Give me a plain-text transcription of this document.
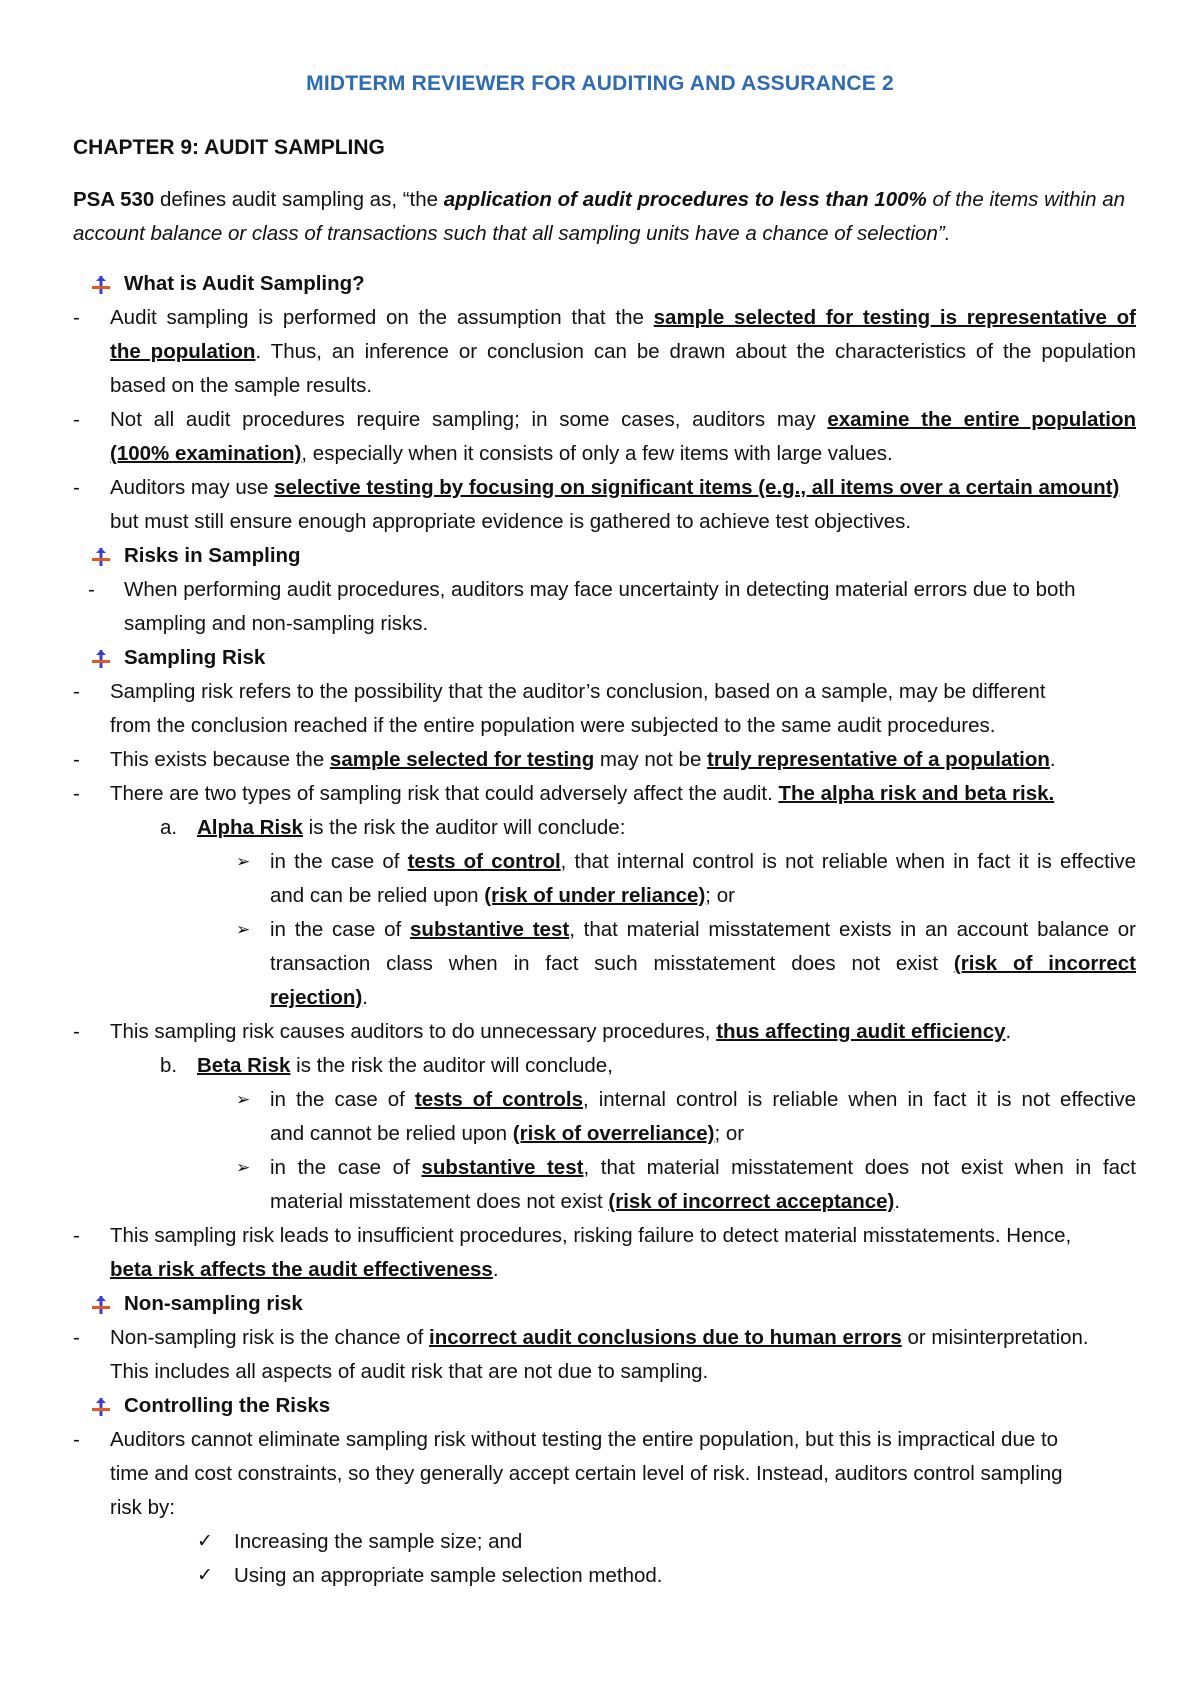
MIDTERM REVIEWER FOR AUDITING AND ASSURANCE 2
CHAPTER 9: AUDIT SAMPLING
PSA 530 defines audit sampling as, “the application of audit procedures to less than 100% of the items within an account balance or class of transactions such that all sampling units have a chance of selection”.
What is Audit Sampling?
- Audit sampling is performed on the assumption that the sample selected for testing is representative of
the population. Thus, an inference or conclusion can be drawn about the characteristics of the population
based on the sample results.
- Not all audit procedures require sampling; in some cases, auditors may examine the entire population
(100% examination), especially when it consists of only a few items with large values.
- Auditors may use selective testing by focusing on significant items (e.g., all items over a certain amount)
but must still ensure enough appropriate evidence is gathered to achieve test objectives.
Risks in Sampling
- When performing audit procedures, auditors may face uncertainty in detecting material errors due to both
sampling and non-sampling risks.
Sampling Risk
- Sampling risk refers to the possibility that the auditor’s conclusion, based on a sample, may be different
from the conclusion reached if the entire population were subjected to the same audit procedures.
- This exists because the sample selected for testing may not be truly representative of a population.
- There are two types of sampling risk that could adversely affect the audit. The alpha risk and beta risk.
a. Alpha Risk is the risk the auditor will conclude:
➢ in the case of tests of control, that internal control is not reliable when in fact it is effective
and can be relied upon (risk of under reliance); or
➢ in the case of substantive test, that material misstatement exists in an account balance or
transaction class when in fact such misstatement does not exist (risk of incorrect
rejection).
- This sampling risk causes auditors to do unnecessary procedures, thus affecting audit efficiency.
b. Beta Risk is the risk the auditor will conclude,
➢ in the case of tests of controls, internal control is reliable when in fact it is not effective
and cannot be relied upon (risk of overreliance); or
➢ in the case of substantive test, that material misstatement does not exist when in fact
material misstatement does not exist (risk of incorrect acceptance).
- This sampling risk leads to insufficient procedures, risking failure to detect material misstatements. Hence,
beta risk affects the audit effectiveness.
Non-sampling risk
- Non-sampling risk is the chance of incorrect audit conclusions due to human errors or misinterpretation.
This includes all aspects of audit risk that are not due to sampling.
Controlling the Risks
- Auditors cannot eliminate sampling risk without testing the entire population, but this is impractical due to
time and cost constraints, so they generally accept certain level of risk. Instead, auditors control sampling
risk by:
✓ Increasing the sample size; and
✓ Using an appropriate sample selection method.
